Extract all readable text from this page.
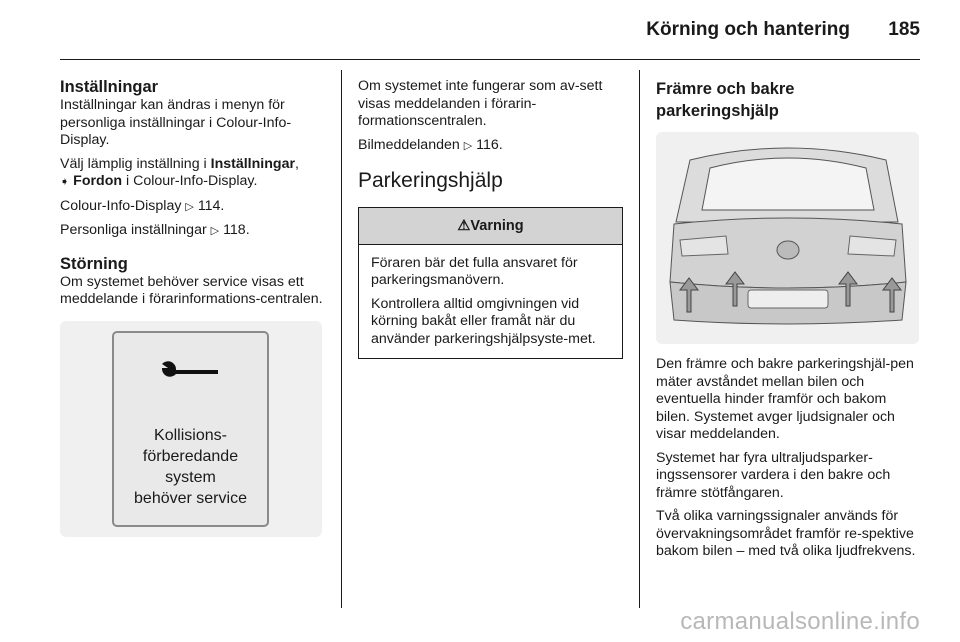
Körning och hantering 185
Inställningar

Inställningar kan ändras i menyn för personliga inställningar i Colour-Info-Display.

Välj lämplig inställning i Inställningar,
➧ Fordon i Colour-Info-Display.

Colour-Info-Display ▷ 114.

Personliga inställningar ▷ 118.

Störning

Om systemet behöver service visas ett meddelande i förarinformations-centralen.

Kollisions-
förberedande
system
behöver service

Om systemet inte fungerar som av-sett visas meddelanden i förarin-formationscentralen.

Bilmeddelanden ▷ 116.

Parkeringshjälp
⚠Varning

Föraren bär det fulla ansvaret för parkeringsmanövern.

Kontrollera alltid omgivningen vid körning bakåt eller framåt när du använder parkeringshjälpsyste-met.

Främre och bakre
parkeringshjälp

Den främre och bakre parkeringshjäl-pen mäter avståndet mellan bilen och eventuella hinder framför och bakom bilen. Systemet avger ljudsignaler och visar meddelanden.

Systemet har fyra ultraljudsparker-ingssensorer vardera i den bakre och främre stötfångaren.

Två olika varningssignaler används för övervakningsområdet framför re-spektive bakom bilen – med två olika ljudfrekvens.

carmanualsonline.info
